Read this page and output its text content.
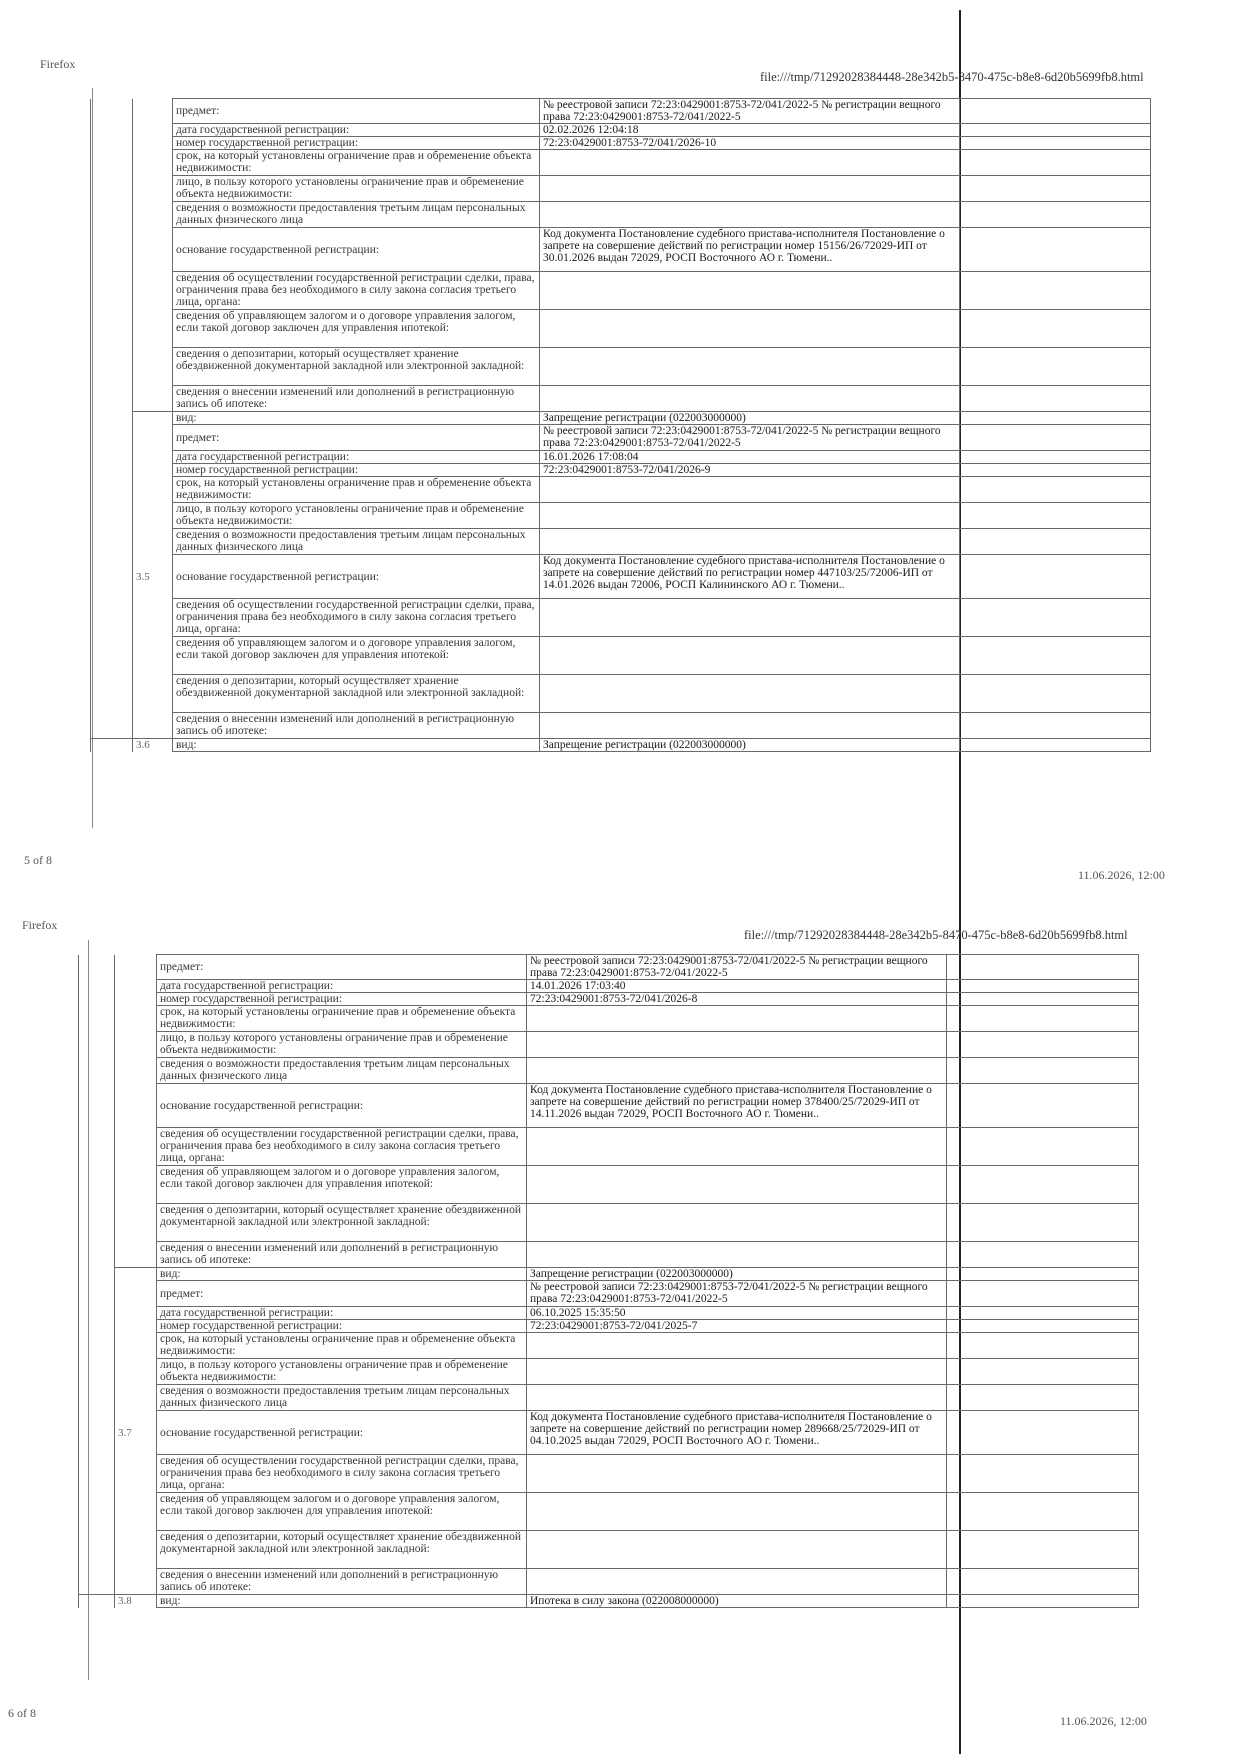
Firefox
file:///tmp/71292028384448-28e342b5-8470-475c-b8e8-6d20b5699fb8.html
		предмет:	№ реестровой записи 72:23:0429001:8753-72/041/2022-5 № регистрации вещного права 72:23:0429001:8753-72/041/2022-5	
		дата государственной регистрации:	02.02.2026 12:04:18	
		номер государственной регистрации:	72:23:0429001:8753-72/041/2026-10	
		срок, на который установлены ограничение прав и обременение объекта недвижимости:		
		лицо, в пользу которого установлены ограничение прав и обременение объекта недвижимости:		
		сведения о возможности предоставления третьим лицам персональных данных физического лица		
		основание государственной регистрации:	Код документа Постановление судебного пристава-исполнителя Постановление о запрете на совершение действий по регистрации номер 15156/26/72029-ИП от 30.01.2026 выдан 72029, РОСП Восточного АО г. Тюмени..	
		сведения об осуществлении государственной регистрации сделки, права, ограничения права без необходимого в силу закона согласия третьего лица, органа:		
		сведения об управляющем залогом и о договоре управления залогом, если такой договор заключен для управления ипотекой:		
		сведения о депозитарии, который осуществляет хранение обездвиженной документарной закладной или электронной закладной:		
		сведения о внесении изменений или дополнений в регистрационную запись об ипотеке:		
		вид:	Запрещение регистрации (022003000000)	
		предмет:	№ реестровой записи 72:23:0429001:8753-72/041/2022-5 № регистрации вещного права 72:23:0429001:8753-72/041/2022-5	
		дата государственной регистрации:	16.01.2026 17:08:04	
		номер государственной регистрации:	72:23:0429001:8753-72/041/2026-9	
		срок, на который установлены ограничение прав и обременение объекта недвижимости:		
		лицо, в пользу которого установлены ограничение прав и обременение объекта недвижимости:		
		сведения о возможности предоставления третьим лицам персональных данных физического лица		
	3.5	основание государственной регистрации:	Код документа Постановление судебного пристава-исполнителя Постановление о запрете на совершение действий по регистрации номер 447103/25/72006-ИП от 14.01.2026 выдан 72006, РОСП Калининского АО г. Тюмени..	
		сведения об осуществлении государственной регистрации сделки, права, ограничения права без необходимого в силу закона согласия третьего лица, органа:		
		сведения об управляющем залогом и о договоре управления залогом, если такой договор заключен для управления ипотекой:		
		сведения о депозитарии, который осуществляет хранение обездвиженной документарной закладной или электронной закладной:		
		сведения о внесении изменений или дополнений в регистрационную запись об ипотеке:		
	3.6	вид:	Запрещение регистрации (022003000000)	
5 of 8
11.06.2026, 12:00
Firefox
file:///tmp/71292028384448-28e342b5-8470-475c-b8e8-6d20b5699fb8.html
		предмет:	№ реестровой записи 72:23:0429001:8753-72/041/2022-5 № регистрации вещного права 72:23:0429001:8753-72/041/2022-5	
		дата государственной регистрации:	14.01.2026 17:03:40	
		номер государственной регистрации:	72:23:0429001:8753-72/041/2026-8	
		срок, на который установлены ограничение прав и обременение объекта недвижимости:		
		лицо, в пользу которого установлены ограничение прав и обременение объекта недвижимости:		
		сведения о возможности предоставления третьим лицам персональных данных физического лица		
		основание государственной регистрации:	Код документа Постановление судебного пристава-исполнителя Постановление о запрете на совершение действий по регистрации номер 378400/25/72029-ИП от 14.11.2026 выдан 72029, РОСП Восточного АО г. Тюмени..	
		сведения об осуществлении государственной регистрации сделки, права, ограничения права без необходимого в силу закона согласия третьего лица, органа:		
		сведения об управляющем залогом и о договоре управления залогом, если такой договор заключен для управления ипотекой:		
		сведения о депозитарии, который осуществляет хранение обездвиженной документарной закладной или электронной закладной:		
		сведения о внесении изменений или дополнений в регистрационную запись об ипотеке:		
		вид:	Запрещение регистрации (022003000000)	
		предмет:	№ реестровой записи 72:23:0429001:8753-72/041/2022-5 № регистрации вещного права 72:23:0429001:8753-72/041/2022-5	
		дата государственной регистрации:	06.10.2025 15:35:50	
		номер государственной регистрации:	72:23:0429001:8753-72/041/2025-7	
		срок, на который установлены ограничение прав и обременение объекта недвижимости:		
		лицо, в пользу которого установлены ограничение прав и обременение объекта недвижимости:		
		сведения о возможности предоставления третьим лицам персональных данных физического лица		
	3.7	основание государственной регистрации:	Код документа Постановление судебного пристава-исполнителя Постановление о запрете на совершение действий по регистрации номер 289668/25/72029-ИП от 04.10.2025 выдан 72029, РОСП Восточного АО г. Тюмени..	
		сведения об осуществлении государственной регистрации сделки, права, ограничения права без необходимого в силу закона согласия третьего лица, органа:		
		сведения об управляющем залогом и о договоре управления залогом, если такой договор заключен для управления ипотекой:		
		сведения о депозитарии, который осуществляет хранение обездвиженной документарной закладной или электронной закладной:		
		сведения о внесении изменений или дополнений в регистрационную запись об ипотеке:		
	3.8	вид:	Ипотека в силу закона (022008000000)	
6 of 8
11.06.2026, 12:00
